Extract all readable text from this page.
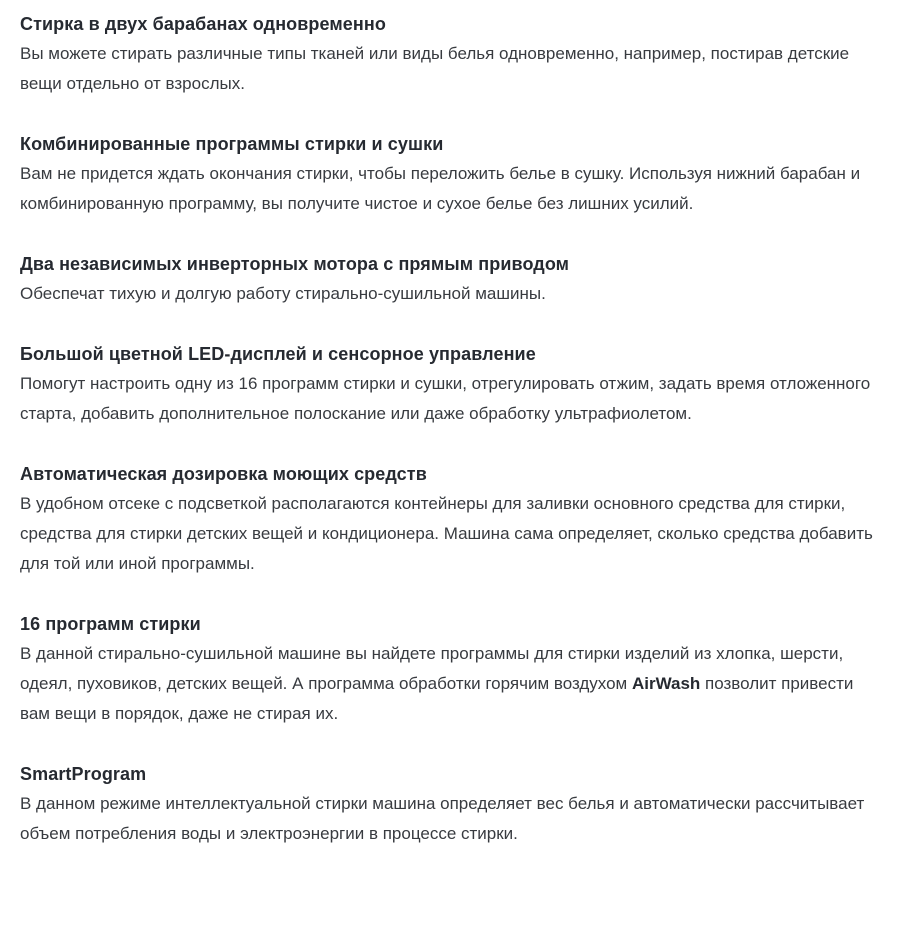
Стирка в двух барабанах одновременно

Вы можете стирать различные типы тканей или виды белья одновременно, например, постирав детские вещи отдельно от взрослых.

Комбинированные программы стирки и сушки

Вам не придется ждать окончания стирки, чтобы переложить белье в сушку. Используя нижний барабан и комбинированную программу, вы получите чистое и сухое белье без лишних усилий.

Два независимых инверторных мотора с прямым приводом

Обеспечат тихую и долгую работу стирально-сушильной машины.

Большой цветной LED-дисплей и сенсорное управление

Помогут настроить одну из 16 программ стирки и сушки, отрегулировать отжим, задать время отложенного старта, добавить дополнительное полоскание или даже обработку ультрафиолетом.

Автоматическая дозировка моющих средств

В удобном отсеке с подсветкой располагаются контейнеры для заливки основного средства для стирки, средства для стирки детских вещей и кондиционера. Машина сама определяет, сколько средства добавить для той или иной программы.

16 программ стирки

В данной стирально-сушильной машине вы найдете программы для стирки изделий из хлопка, шерсти, одеял, пуховиков, детских вещей. А программа обработки горячим воздухом AirWash позволит привести вам вещи в порядок, даже не стирая их.

SmartProgram

В данном режиме интеллектуальной стирки машина определяет вес белья и автоматически рассчитывает объем потребления воды и электроэнергии в процессе стирки.
